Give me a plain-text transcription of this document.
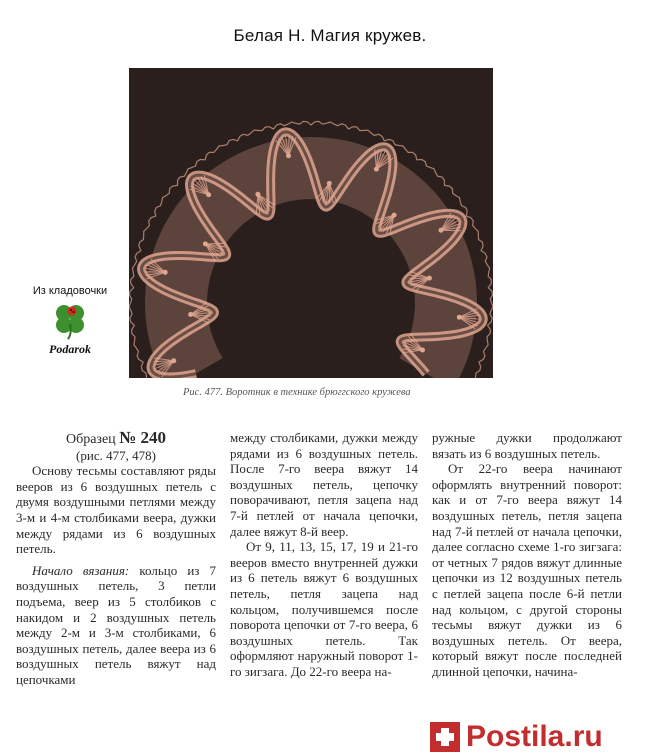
Белая Н. Магия кружев.
Рис. 477. Воротник в технике брюггского кружева
Из кладовочки
Podarok

Образец № 240

(рис. 477, 478)

Основу тесьмы составляют ряды вееров из 6 воздушных петель с двумя воздушными петлями между 3-м и 4-м столбиками веера, дужки между рядами из 6 воздушных петель.

Начало вязания: кольцо из 7 воздушных петель, 3 петли подъема, веер из 5 столбиков с накидом и 2 воздушных петель между 2-м и 3-м столбиками, 6 воздушных петель, далее веера из 6 воздушных петель вяжут над цепочками

между столбиками, дужки между рядами из 6 воздушных петель. После 7-го веера вяжут 14 воздушных петель, цепочку поворачивают, петля зацепа над 7-й петлей от начала цепочки, далее вяжут 8-й веер.

От 9, 11, 13, 15, 17, 19 и 21-го вееров вместо внутренней дужки из 6 петель вяжут 6 воздушных петель, петля зацепа над кольцом, получившемся после поворота цепочки от 7-го веера, 6 воздушных петель. Так оформляют наружный поворот 1-го зигзага. До 22-го веера на-

ружные дужки продолжают вязать из 6 воздушных петель.

От 22-го веера начинают оформлять внутренний поворот: как и от 7-го веера вяжут 14 воздушных петель, петля зацепа над 7-й петлей от начала цепочки, далее согласно схеме 1-го зигзага: от четных 7 рядов вяжут длинные цепочки из 12 воздушных петель с петлей зацепа после 6-й петли над кольцом, с другой стороны тесьмы вяжут дужки из 6 воздушных петель. От веера, который вяжут после последней длинной цепочки, начина-

Postila.ru
